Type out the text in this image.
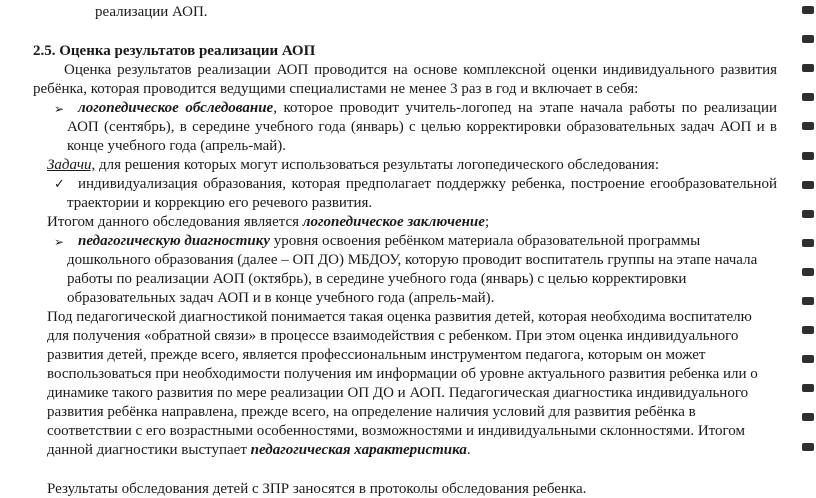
реализации АОП.
2.5. Оценка результатов реализации АОП
Оценка результатов реализации АОП проводится на основе комплексной оценки индивидуального развития ребёнка, которая проводится ведущими специалистами не менее 3 раз в год и включает в себя:
➢ логопедическое обследование, которое проводит учитель-логопед на этапе начала работы по реализации АОП (сентябрь), в середине учебного года (январь) с целью корректировки образовательных задач АОП и в конце учебного года (апрель-май).
Задачи, для решения которых могут использоваться результаты логопедического обследования:
✓ индивидуализация образования, которая предполагает поддержку ребенка, построение егообразовательной траектории и коррекцию его речевого развития.
Итогом данного обследования является логопедическое заключение;
➢ педагогическую диагностику уровня освоения ребёнком материала образовательной программы дошкольного образования (далее – ОП ДО) МБДОУ, которую проводит воспитатель группы на этапе начала работы по реализации АОП (октябрь), в середине учебного года (январь) с целью корректировки образовательных задач АОП и в конце учебного года (апрель-май).
Под педагогической диагностикой понимается такая оценка развития детей, которая необходима воспитателю для получения «обратной связи» в процессе взаимодействия с ребенком. При этом оценка индивидуального развития детей, прежде всего, является профессиональным инструментом педагога, которым он может воспользоваться при необходимости получения им информации об уровне актуального развития ребенка или о динамике такого развития по мере реализации ОП ДО и АОП. Педагогическая диагностика индивидуального развития ребёнка направлена, прежде всего, на определение наличия условий для развития ребёнка в соответствии с его возрастными особенностями, возможностями и индивидуальными склонностями. Итогом данной диагностики выступает педагогическая характеристика.
Результаты обследования детей с ЗПР заносятся в протоколы обследования ребенка.
